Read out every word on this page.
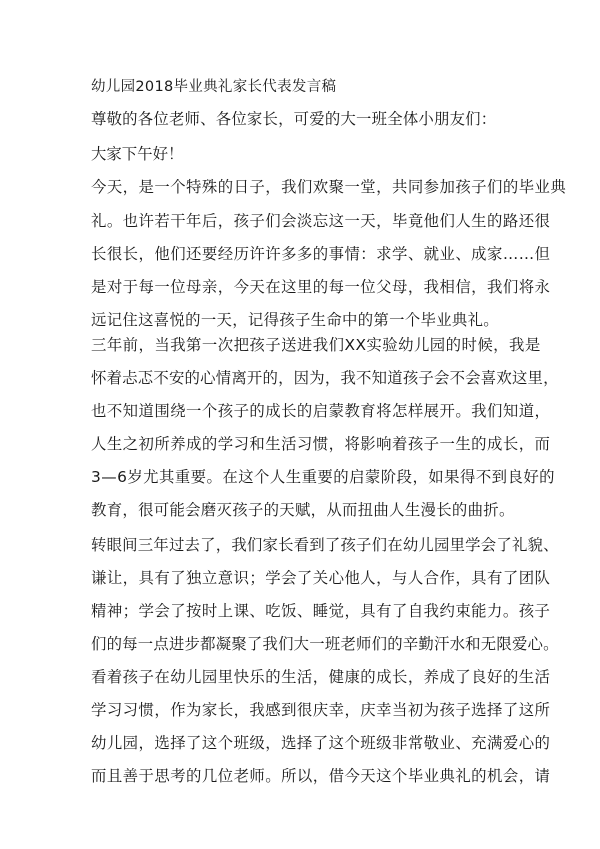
幼儿园2018毕业典礼家长代表发言稿
尊敬的各位老师、各位家长，可爱的大一班全体小朋友们：
大家下午好！
今天，是一个特殊的日子，我们欢聚一堂，共同参加孩子们的毕业典
礼。也许若干年后，孩子们会淡忘这一天，毕竟他们人生的路还很
长很长，他们还要经历许许多多的事情：求学、就业、成家……但
是对于每一位母亲，今天在这里的每一位父母，我相信，我们将永
远记住这喜悦的一天，记得孩子生命中的第一个毕业典礼。
三年前，当我第一次把孩子送进我们XX实验幼儿园的时候，我是
怀着忐忑不安的心情离开的，因为，我不知道孩子会不会喜欢这里，
也不知道围绕一个孩子的成长的启蒙教育将怎样展开。我们知道，
人生之初所养成的学习和生活习惯，将影响着孩子一生的成长，而
3—6岁尤其重要。在这个人生重要的启蒙阶段，如果得不到良好的
教育，很可能会磨灭孩子的天赋，从而扭曲人生漫长的曲折。
转眼间三年过去了，我们家长看到了孩子们在幼儿园里学会了礼貌、
谦让，具有了独立意识；学会了关心他人，与人合作，具有了团队
精神；学会了按时上课、吃饭、睡觉，具有了自我约束能力。孩子
们的每一点进步都凝聚了我们大一班老师们的辛勤汗水和无限爱心。
看着孩子在幼儿园里快乐的生活，健康的成长，养成了良好的生活
学习习惯，作为家长，我感到很庆幸，庆幸当初为孩子选择了这所
幼儿园，选择了这个班级，选择了这个班级非常敬业、充满爱心的
而且善于思考的几位老师。所以，借今天这个毕业典礼的机会，请
